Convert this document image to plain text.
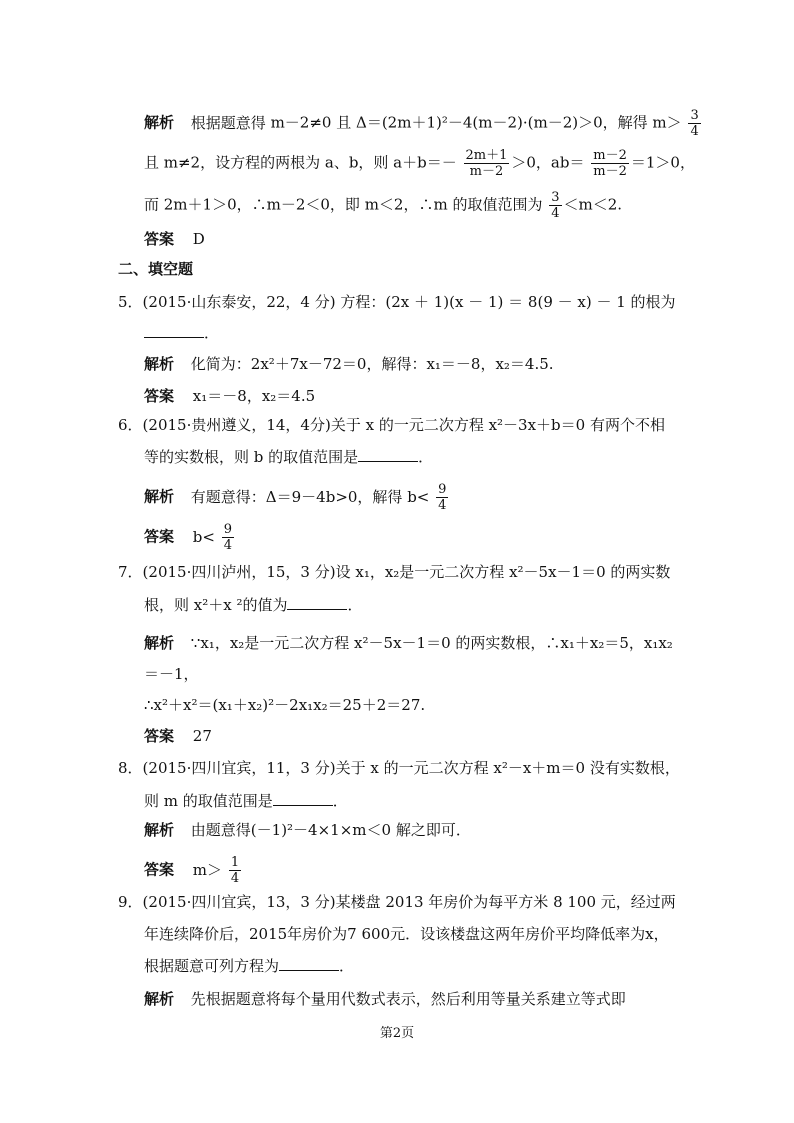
解析 根据题意得 m－2≠0 且 Δ＝(2m＋1)²－4(m－2)·(m－2)＞0，解得 $m> \frac{3}{4}$
且 m≠2，设方程的两根为 a、b，则 $a+b=- \frac{2m+1}{m-2} >0$，$ab= \frac{m-2}{m-2} =1>0$，
而 2m＋1＞0，∴m－2＜0，即 m＜2，∴m 的取值范围为 $\frac{3}{4} <m<2$.
答案 D
二、填空题
5．(2015·山东泰安，22，4 分) 方程：(2x ＋ 1)(x － 1) ＝ 8(9 － x) － 1 的根为
．
解析 化简为：2x²＋7x－72＝0，解得：x₁＝－8，x₂＝4.5.
答案 x₁＝－8，x₂＝4.5
6．(2015·贵州遵义，14，4分)关于 x 的一元二次方程 x²－3x＋b＝0 有两个不相
等的实数根，则 b 的取值范围是	．
解析 有题意得：Δ＝9－4b>0，解得 $b< \frac{9}{4}$
答案 $b< \frac{9}{4}$
7．(2015·四川泸州，15，3 分)设 x₁，x₂是一元二次方程 x²－5x－1＝0 的两实数
根，则 x²＋x ²的值为	．
解析 ∵x₁，x₂是一元二次方程 x²－5x－1＝0 的两实数根，∴x₁＋x₂＝5，x₁x₂
＝－1，
∴x²＋x²＝(x₁＋x₂)²－2x₁x₂＝25＋2＝27.
答案 27
8．(2015·四川宜宾，11，3 分)关于 x 的一元二次方程 x²－x＋m＝0 没有实数根，
则 m 的取值范围是	．
解析 由题意得(－1)²－4×1×m＜0 解之即可．
答案 $m> \frac{1}{4}$
9．(2015·四川宜宾，13，3 分)某楼盘 2013 年房价为每平方米 8 100 元，经过两
年连续降价后，2015年房价为7 600元．设该楼盘这两年房价平均降低率为x，
根据题意可列方程为	．
解析 先根据题意将每个量用代数式表示，然后利用等量关系建立等式即
第2页
